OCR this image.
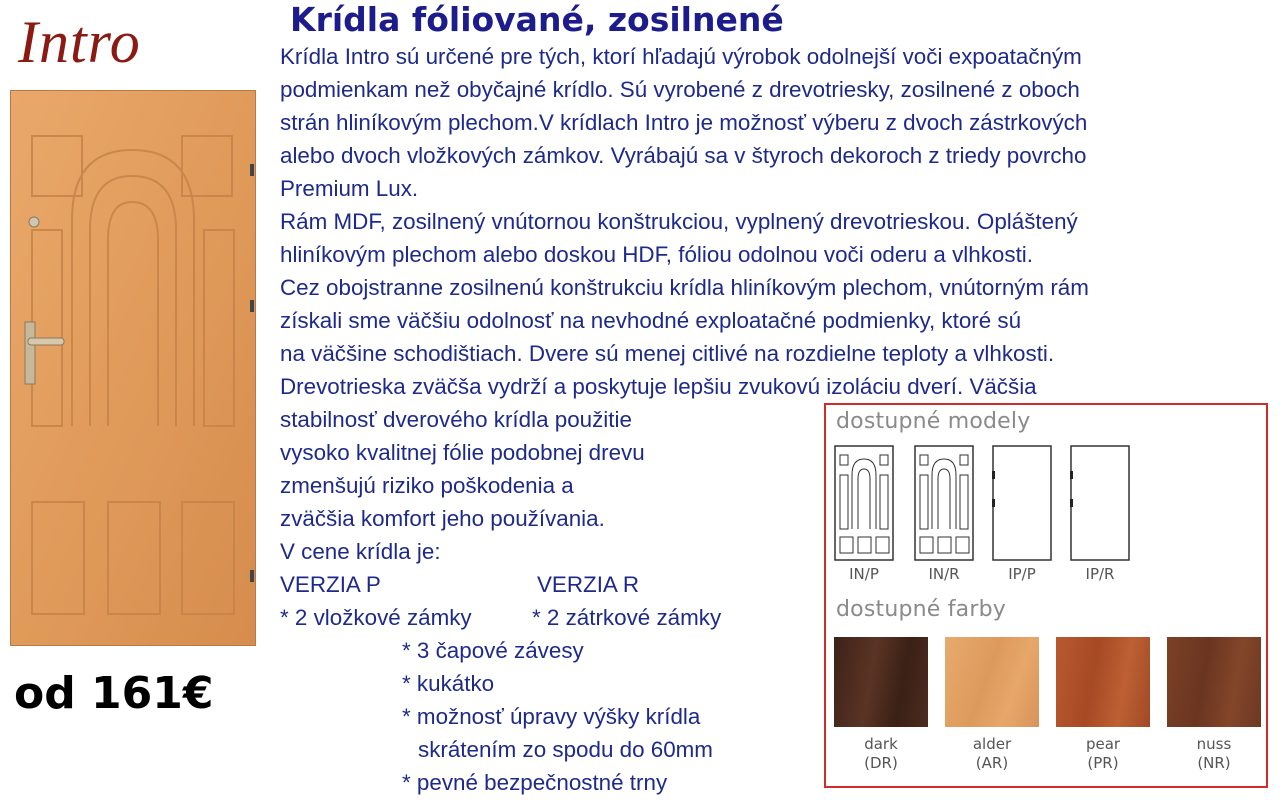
Intro
od 161€
Krídla fóliované, zosilnené
Krídla Intro sú určené pre tých, ktorí hľadajú výrobok odolnejší voči expoatačným
podmienkam než obyčajné krídlo. Sú vyrobené z drevotriesky, zosilnené z oboch
strán hliníkovým plechom.V krídlach Intro je možnosť výberu z dvoch zástrkových
alebo dvoch vložkových zámkov. Vyrábajú sa v štyroch dekoroch z triedy povrcho
Premium Lux.
Rám MDF, zosilnený vnútornou konštrukciou, vyplnený drevotrieskou. Opláštený
hliníkovým plechom alebo doskou HDF, fóliou odolnou voči oderu a vlhkosti.
Cez obojstranne zosilnenú konštrukciu krídla hliníkovým plechom, vnútorným rám
získali sme väčšiu odolnosť na nevhodné exploatačné podmienky, ktoré sú
na väčšine schodištiach. Dvere sú menej citlivé na rozdielne teploty a vlhkosti.
Drevotrieska zväčša vydrží a poskytuje lepšiu zvukovú izoláciu dverí. Väčšia
stabilnosť dverového krídla použitie
vysoko kvalitnej fólie podobnej drevu
zmenšujú riziko poškodenia a
zväčšia komfort jeho používania.
V cene krídla je:
VERZIA P	VERZIA R
* 2 vložkové zámky	* 2 zátrkové zámky
* 3 čapové závesy
* kukátko
* možnosť úpravy výšky krídla
skrátením zo spodu do 60mm
* pevné bezpečnostné trny
dostupné modely
IN/P	IN/R	IP/P	IP/R
dostupné farby
dark
(DR)
alder
(AR)
pear
(PR)
nuss
(NR)
